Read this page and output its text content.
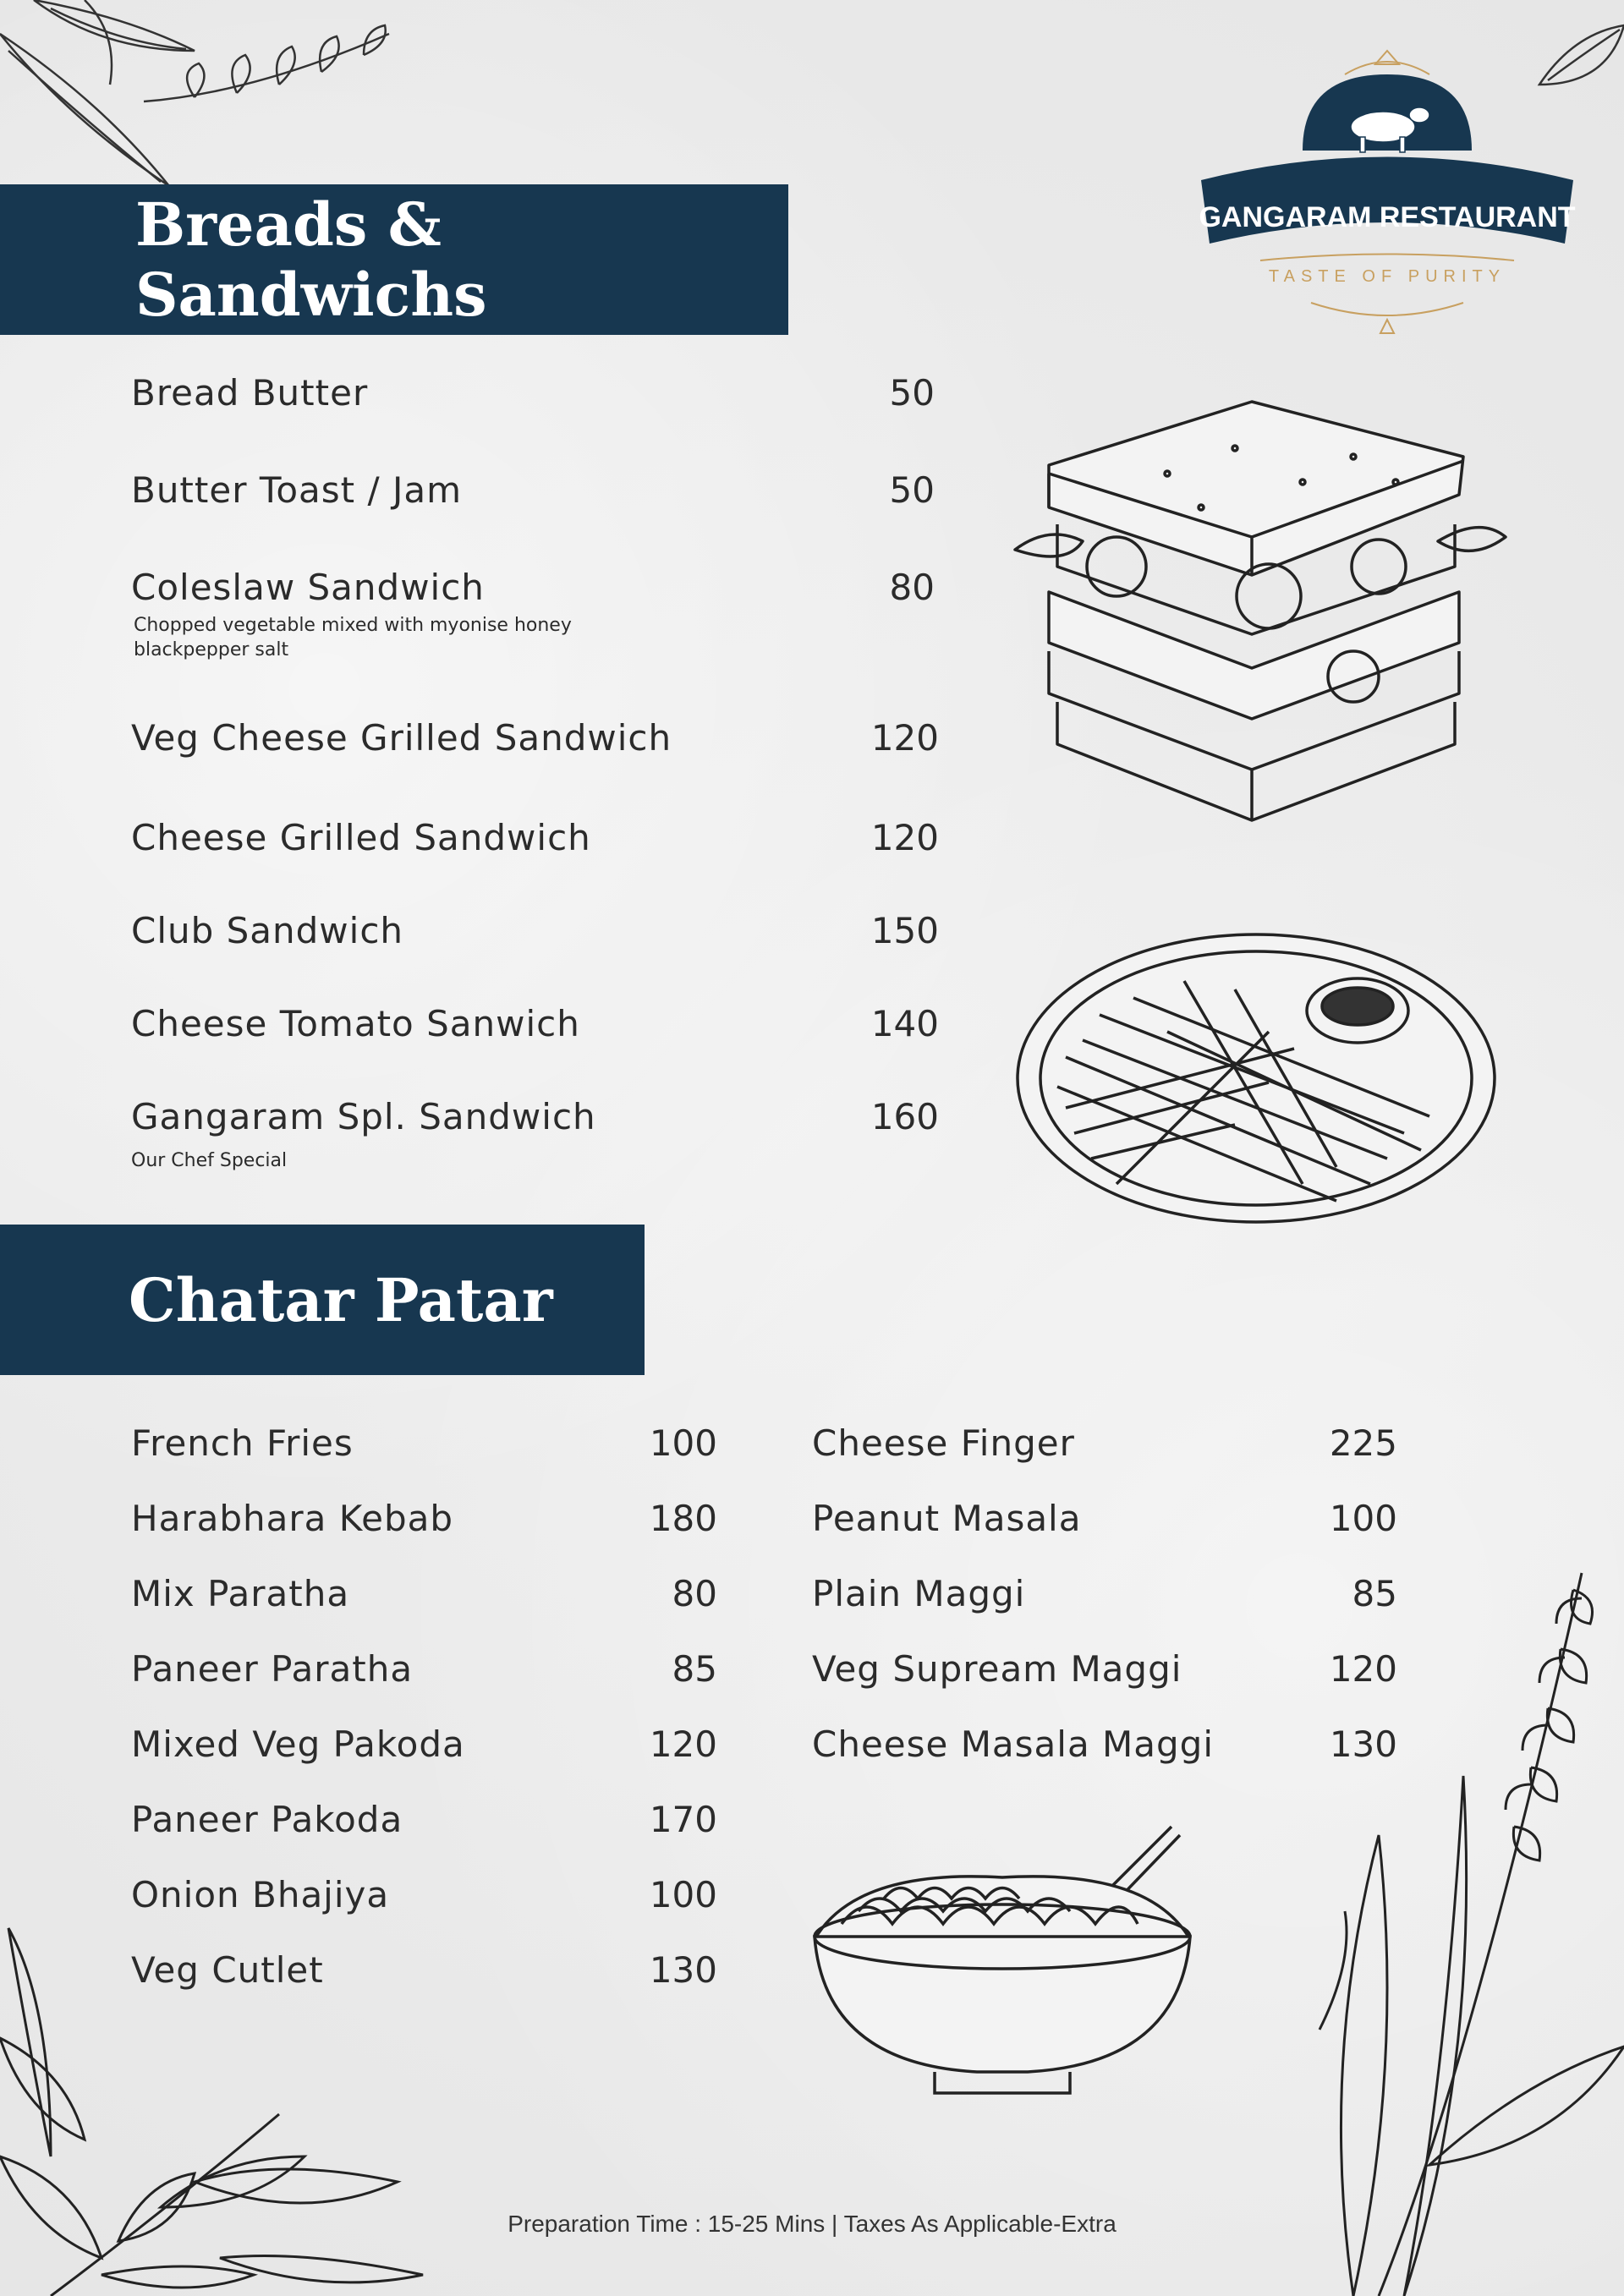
GANGARAM RESTAURANT
TASTE OF PURITY
Breads & Sandwichs
Bread Butter	50
Butter Toast / Jam	50
Coleslaw Sandwich	80
Chopped vegetable mixed with myonise honey
blackpepper salt
Veg Cheese Grilled Sandwich	120
Cheese Grilled Sandwich	120
Club Sandwich	150
Cheese Tomato Sanwich	140
Gangaram Spl. Sandwich	160
Our Chef Special
Chatar Patar
French Fries	100
Harabhara Kebab	180
Mix Paratha	80
Paneer Paratha	85
Mixed Veg Pakoda	120
Paneer Pakoda	170
Onion Bhajiya	100
Veg Cutlet	130
Cheese Finger	225
Peanut Masala	100
Plain Maggi	85
Veg Supream Maggi	120
Cheese Masala Maggi	130
Preparation Time : 15-25 Mins | Taxes As Applicable-Extra
